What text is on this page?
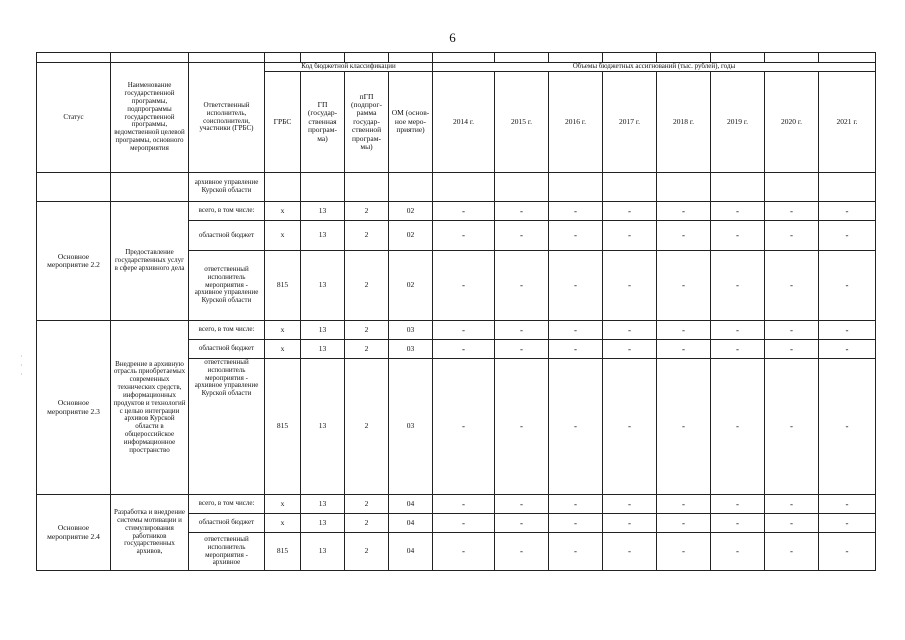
6
·
·
·

Статус	Наименование государственной программы, подпрограммы государственной программы, ведомственной целевой программы, основного мероприятия	Ответственный исполнитель, соисполнители, участники (ГРБС)	Код бюджетной классификации				Объемы бюджетных ассигнований (тыс. рублей), годы							
			ГРБС	ГП (государ-ственная програм-ма)	пГП (подпрог-рамма государ-ственной програм-мы)	ОМ (основ-ное меро-приятие)	2014 г.	2015 г.	2016 г.	2017 г.	2018 г.	2019 г.	2020 г.	2021 г.
		архивное управление Курской области												
Основное мероприятие 2.2	Предоставление государственных услуг в сфере архивного дела	всего, в том числе:	x	13	2	02	-	-	-	-	-	-	-	-
		областной бюджет	x	13	2	02	-	-	-	-	-	-	-	-
		ответственный исполнитель мероприятия - архивное управление Курской области	815	13	2	02	-	-	-	-	-	-	-	-
Основное мероприятие 2.3	Внедрение в архивную отрасль приобретаемых современных технических средств, информационных продуктов и технологий с целью интеграции архивов Курской области в общероссийское информационное пространство	всего, в том числе:	x	13	2	03	-	-	-	-	-	-	-	-
		областной бюджет	x	13	2	03	-	-	-	-	-	-	-	-
		ответственный исполнитель мероприятия - архивное управление Курской области	815	13	2	03	-	-	-	-	-	-	-	-
Основное мероприятие 2.4	Разработка и внедрение системы мотивации и стимулирования работников государственных архивов,	всего, в том числе:	x	13	2	04	-	-	-	-	-	-	-	-
		областной бюджет	x	13	2	04	-	-	-	-	-	-	-	-
		ответственный исполнитель мероприятия - архивное	815	13	2	04	-	-	-	-	-	-	-	-
